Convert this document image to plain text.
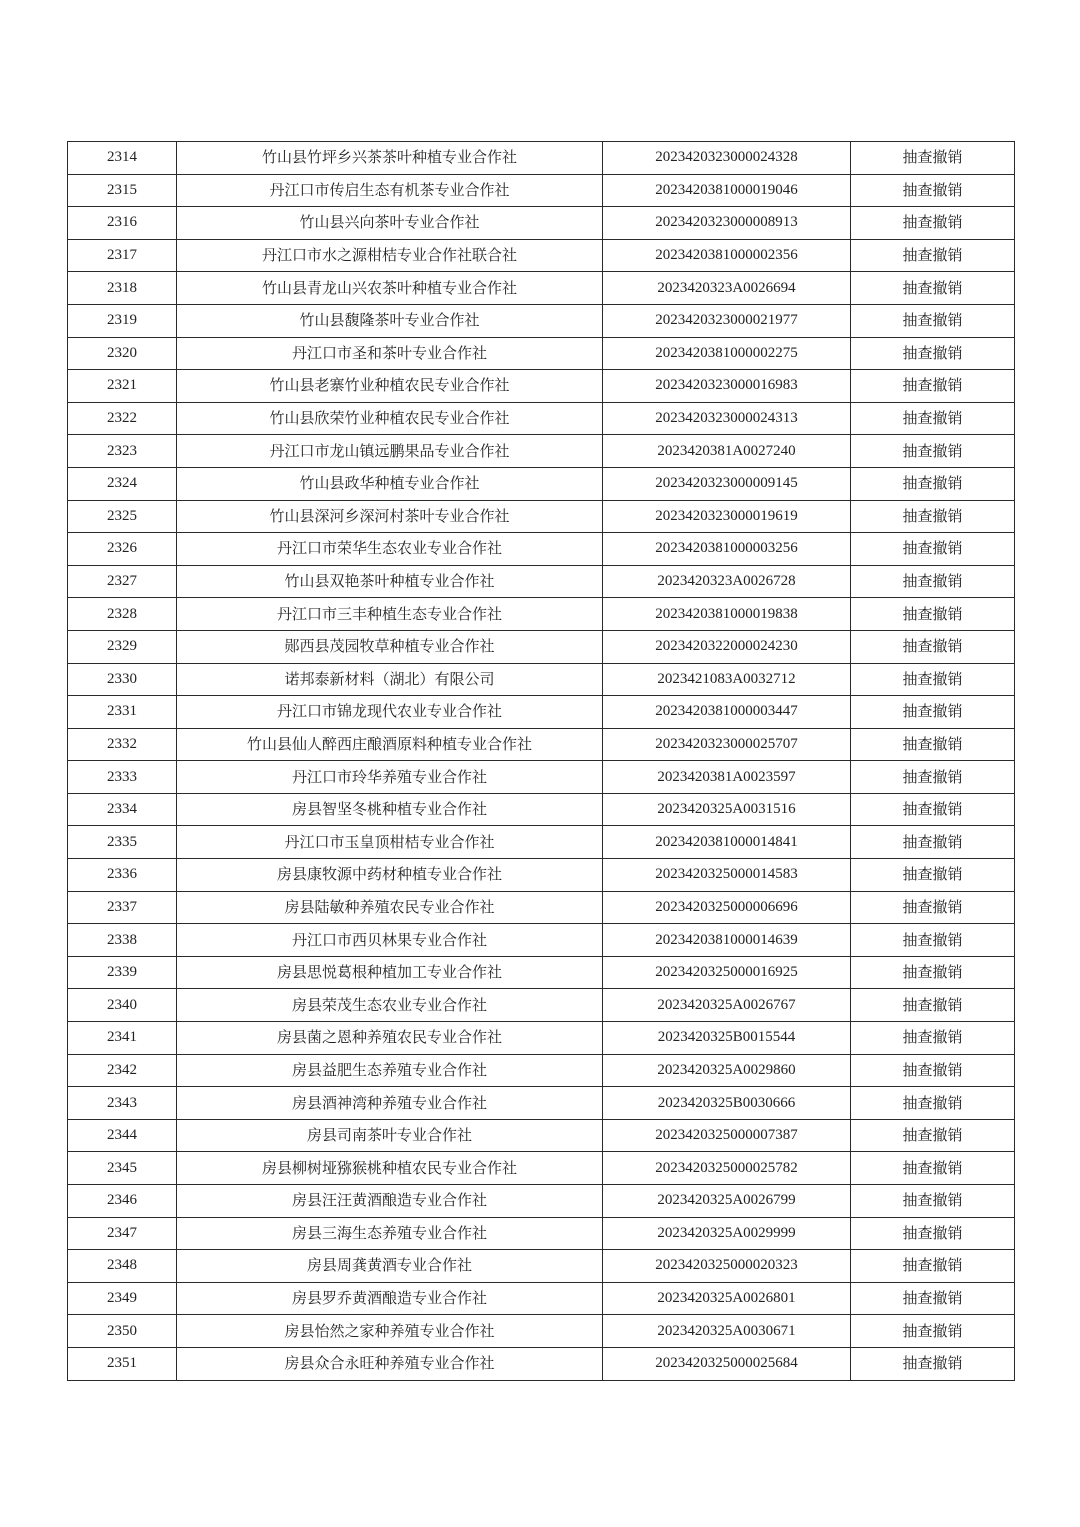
2314	竹山县竹坪乡兴茶茶叶种植专业合作社	2023420323000024328	抽查撤销
2315	丹江口市传启生态有机茶专业合作社	2023420381000019046	抽查撤销
2316	竹山县兴向茶叶专业合作社	2023420323000008913	抽查撤销
2317	丹江口市水之源柑桔专业合作社联合社	2023420381000002356	抽查撤销
2318	竹山县青龙山兴农茶叶种植专业合作社	2023420323A0026694	抽查撤销
2319	竹山县馥隆茶叶专业合作社	2023420323000021977	抽查撤销
2320	丹江口市圣和茶叶专业合作社	2023420381000002275	抽查撤销
2321	竹山县老寨竹业种植农民专业合作社	2023420323000016983	抽查撤销
2322	竹山县欣荣竹业种植农民专业合作社	2023420323000024313	抽查撤销
2323	丹江口市龙山镇远鹏果品专业合作社	2023420381A0027240	抽查撤销
2324	竹山县政华种植专业合作社	2023420323000009145	抽查撤销
2325	竹山县深河乡深河村茶叶专业合作社	2023420323000019619	抽查撤销
2326	丹江口市荣华生态农业专业合作社	2023420381000003256	抽查撤销
2327	竹山县双艳茶叶种植专业合作社	2023420323A0026728	抽查撤销
2328	丹江口市三丰种植生态专业合作社	2023420381000019838	抽查撤销
2329	郧西县茂园牧草种植专业合作社	2023420322000024230	抽查撤销
2330	诺邦泰新材料（湖北）有限公司	2023421083A0032712	抽查撤销
2331	丹江口市锦龙现代农业专业合作社	2023420381000003447	抽查撤销
2332	竹山县仙人醉西庄酿酒原料种植专业合作社	2023420323000025707	抽查撤销
2333	丹江口市玲华养殖专业合作社	2023420381A0023597	抽查撤销
2334	房县智坚冬桃种植专业合作社	2023420325A0031516	抽查撤销
2335	丹江口市玉皇顶柑桔专业合作社	2023420381000014841	抽查撤销
2336	房县康牧源中药材种植专业合作社	2023420325000014583	抽查撤销
2337	房县陆敏种养殖农民专业合作社	2023420325000006696	抽查撤销
2338	丹江口市西贝林果专业合作社	2023420381000014639	抽查撤销
2339	房县思悦葛根种植加工专业合作社	2023420325000016925	抽查撤销
2340	房县荣茂生态农业专业合作社	2023420325A0026767	抽查撤销
2341	房县菌之恩种养殖农民专业合作社	2023420325B0015544	抽查撤销
2342	房县益肥生态养殖专业合作社	2023420325A0029860	抽查撤销
2343	房县酒神湾种养殖专业合作社	2023420325B0030666	抽查撤销
2344	房县司南茶叶专业合作社	2023420325000007387	抽查撤销
2345	房县柳树垭猕猴桃种植农民专业合作社	2023420325000025782	抽查撤销
2346	房县汪汪黄酒酿造专业合作社	2023420325A0026799	抽查撤销
2347	房县三海生态养殖专业合作社	2023420325A0029999	抽查撤销
2348	房县周龚黄酒专业合作社	2023420325000020323	抽查撤销
2349	房县罗乔黄酒酿造专业合作社	2023420325A0026801	抽查撤销
2350	房县怡然之家种养殖专业合作社	2023420325A0030671	抽查撤销
2351	房县众合永旺种养殖专业合作社	2023420325000025684	抽查撤销
